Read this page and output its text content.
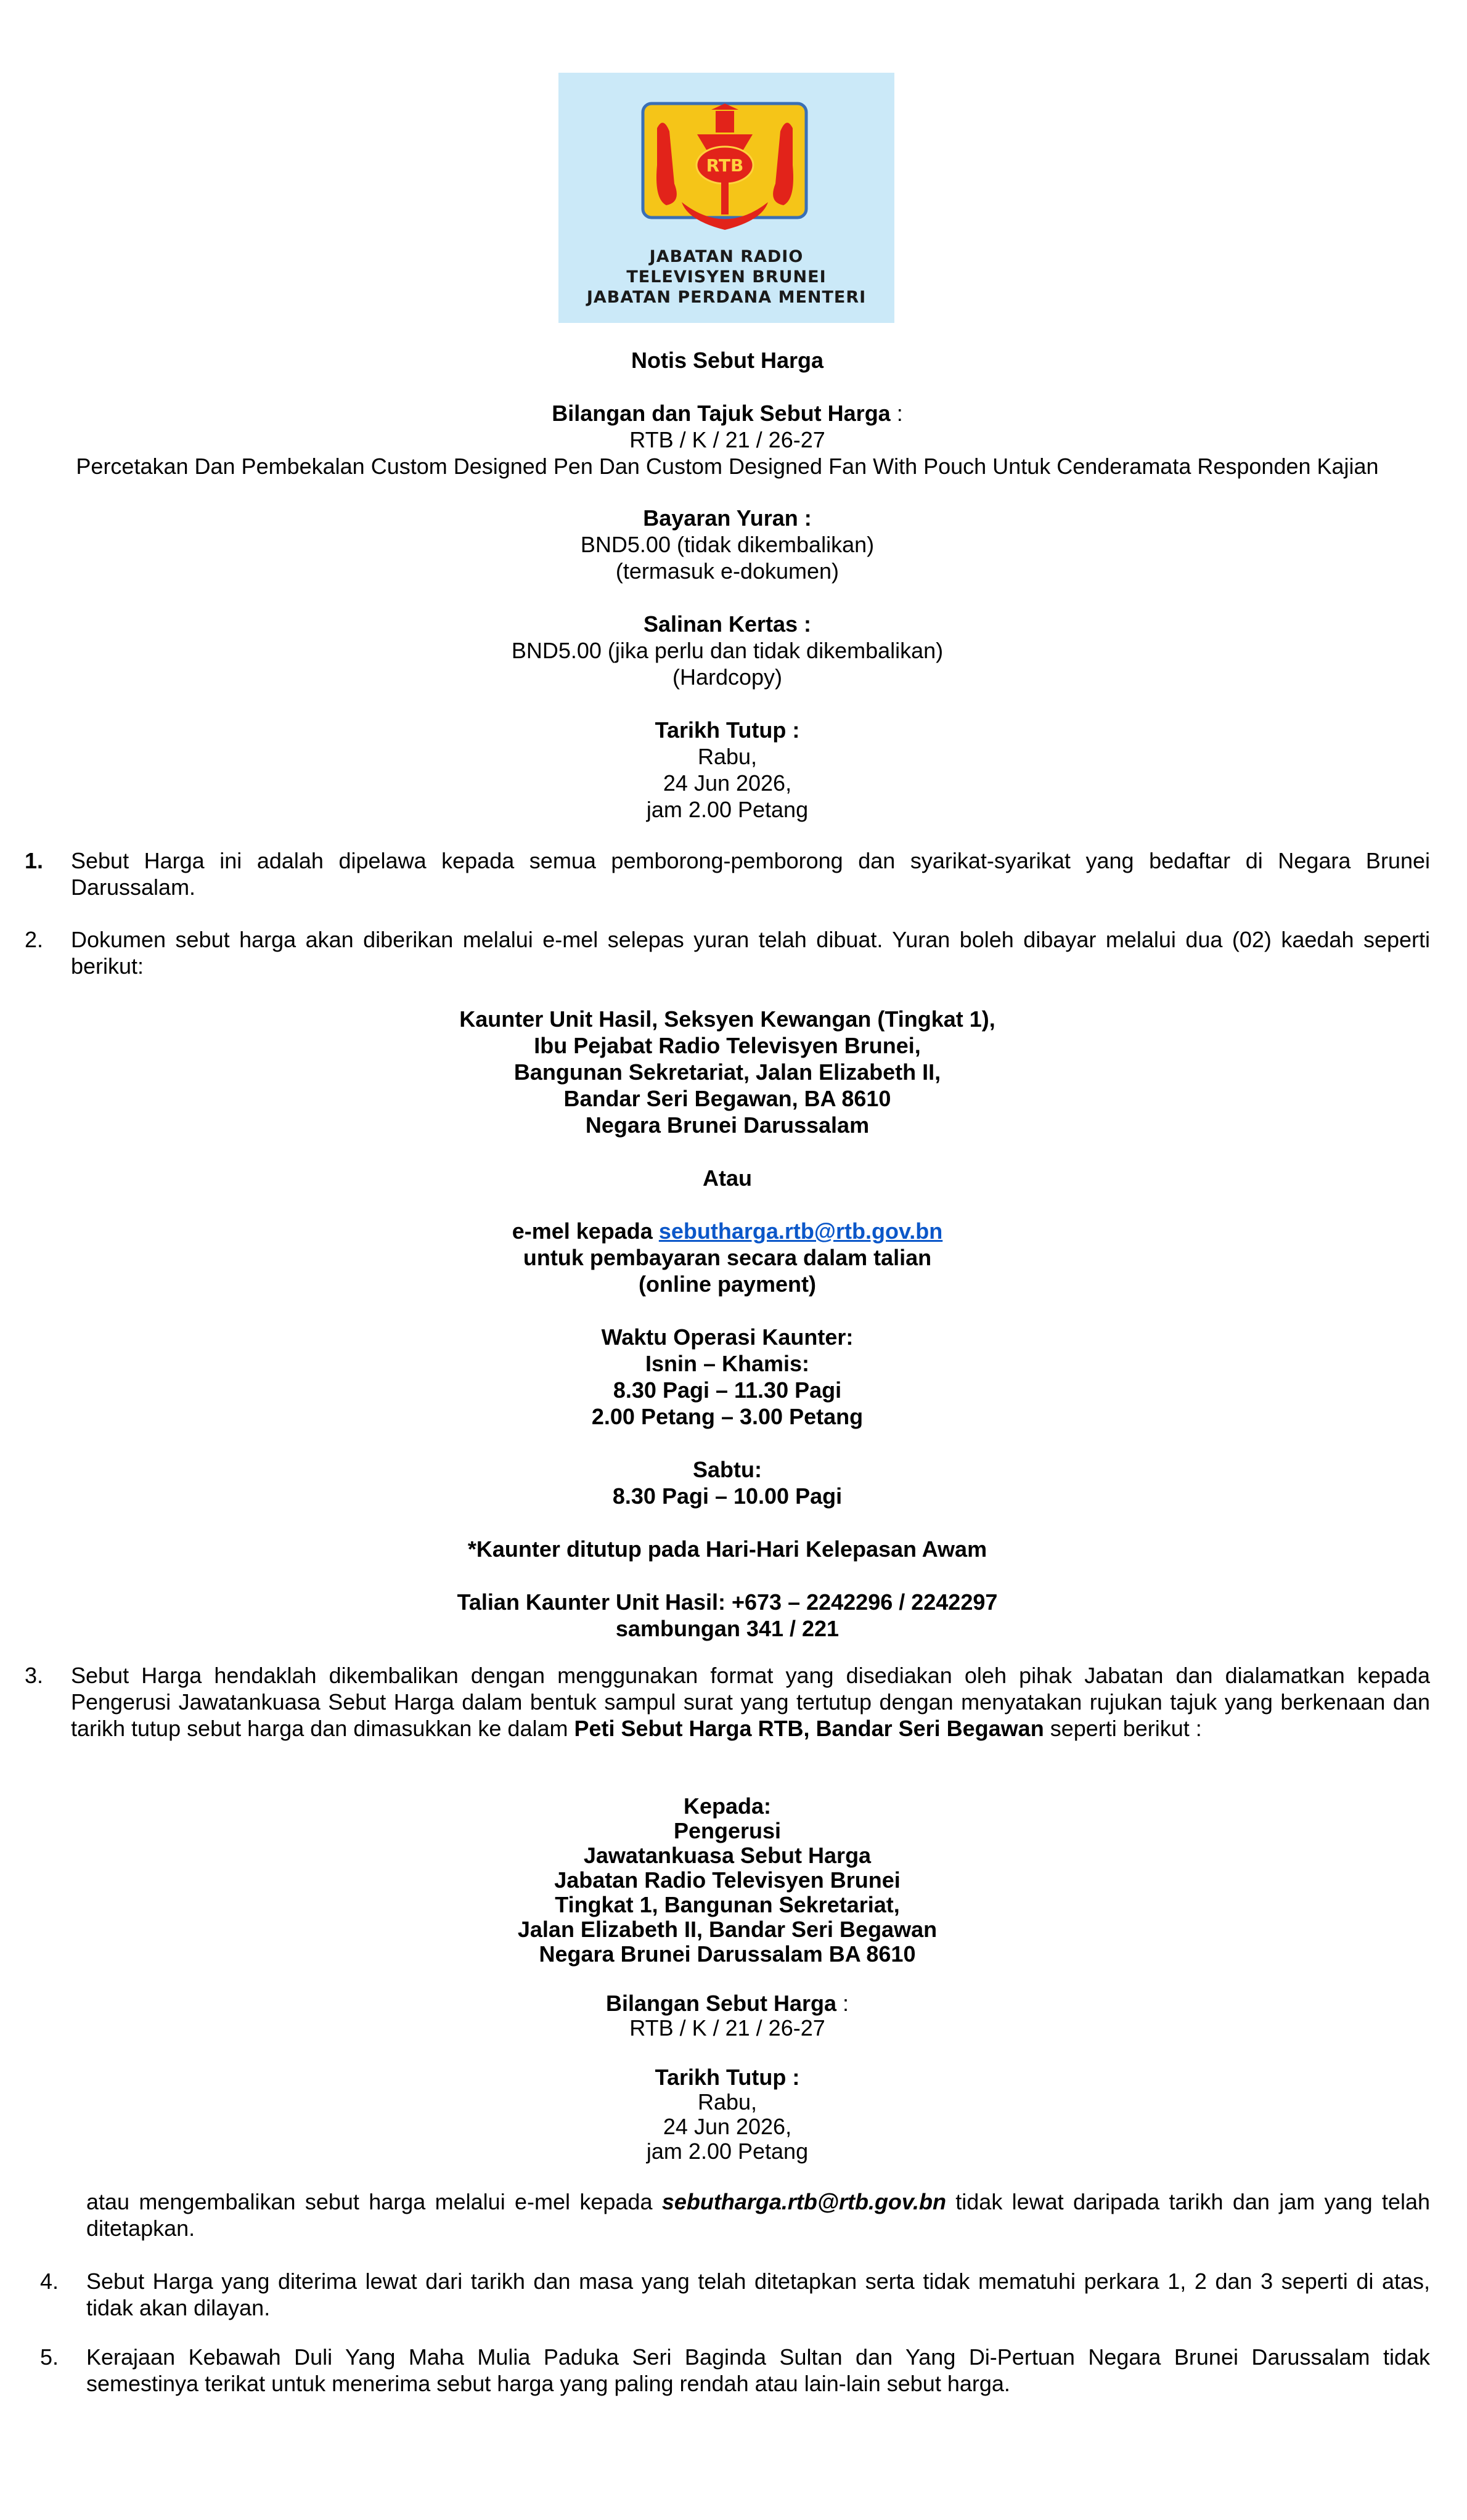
RTB
JABATAN RADIO
TELEVISYEN BRUNEI
JABATAN PERDANA MENTERI
Notis Sebut Harga
Bilangan dan Tajuk Sebut Harga :
RTB / K / 21 / 26-27
Percetakan Dan Pembekalan Custom Designed Pen Dan Custom Designed Fan With Pouch Untuk Cenderamata Responden Kajian
Bayaran Yuran :
BND5.00 (tidak dikembalikan)
(termasuk e-dokumen)
Salinan Kertas :
BND5.00 (jika perlu dan tidak dikembalikan)
(Hardcopy)
Tarikh Tutup :
Rabu,
24 Jun 2026,
jam 2.00 Petang
1. Sebut Harga ini adalah dipelawa kepada semua pemborong-pemborong dan syarikat-syarikat yang bedaftar di Negara Brunei Darussalam.
2. Dokumen sebut harga akan diberikan melalui e-mel selepas yuran telah dibuat. Yuran boleh dibayar melalui dua (02) kaedah seperti berikut:
Kaunter Unit Hasil, Seksyen Kewangan (Tingkat 1),
Ibu Pejabat Radio Televisyen Brunei,
Bangunan Sekretariat, Jalan Elizabeth II,
Bandar Seri Begawan, BA 8610
Negara Brunei Darussalam
Atau
e-mel kepada sebutharga.rtb@rtb.gov.bn
untuk pembayaran secara dalam talian
(online payment)
Waktu Operasi Kaunter:
Isnin – Khamis:
8.30 Pagi – 11.30 Pagi
2.00 Petang – 3.00 Petang
Sabtu:
8.30 Pagi – 10.00 Pagi
*Kaunter ditutup pada Hari-Hari Kelepasan Awam
Talian Kaunter Unit Hasil: +673 – 2242296 / 2242297
sambungan 341 / 221
3. Sebut Harga hendaklah dikembalikan dengan menggunakan format yang disediakan oleh pihak Jabatan dan dialamatkan kepada Pengerusi Jawatankuasa Sebut Harga dalam bentuk sampul surat yang tertutup dengan menyatakan rujukan tajuk yang berkenaan dan tarikh tutup sebut harga dan dimasukkan ke dalam Peti Sebut Harga RTB, Bandar Seri Begawan seperti berikut :
Kepada:
Pengerusi
Jawatankuasa Sebut Harga
Jabatan Radio Televisyen Brunei
Tingkat 1, Bangunan Sekretariat,
Jalan Elizabeth II, Bandar Seri Begawan
Negara Brunei Darussalam BA 8610
Bilangan Sebut Harga :
RTB / K / 21 / 26-27
Tarikh Tutup :
Rabu,
24 Jun 2026,
jam 2.00 Petang
atau mengembalikan sebut harga melalui e-mel kepada sebutharga.rtb@rtb.gov.bn tidak lewat daripada tarikh dan jam yang telah ditetapkan.
4. Sebut Harga yang diterima lewat dari tarikh dan masa yang telah ditetapkan serta tidak mematuhi perkara 1, 2 dan 3 seperti di atas, tidak akan dilayan.
5. Kerajaan Kebawah Duli Yang Maha Mulia Paduka Seri Baginda Sultan dan Yang Di-Pertuan Negara Brunei Darussalam tidak semestinya terikat untuk menerima sebut harga yang paling rendah atau lain-lain sebut harga.
